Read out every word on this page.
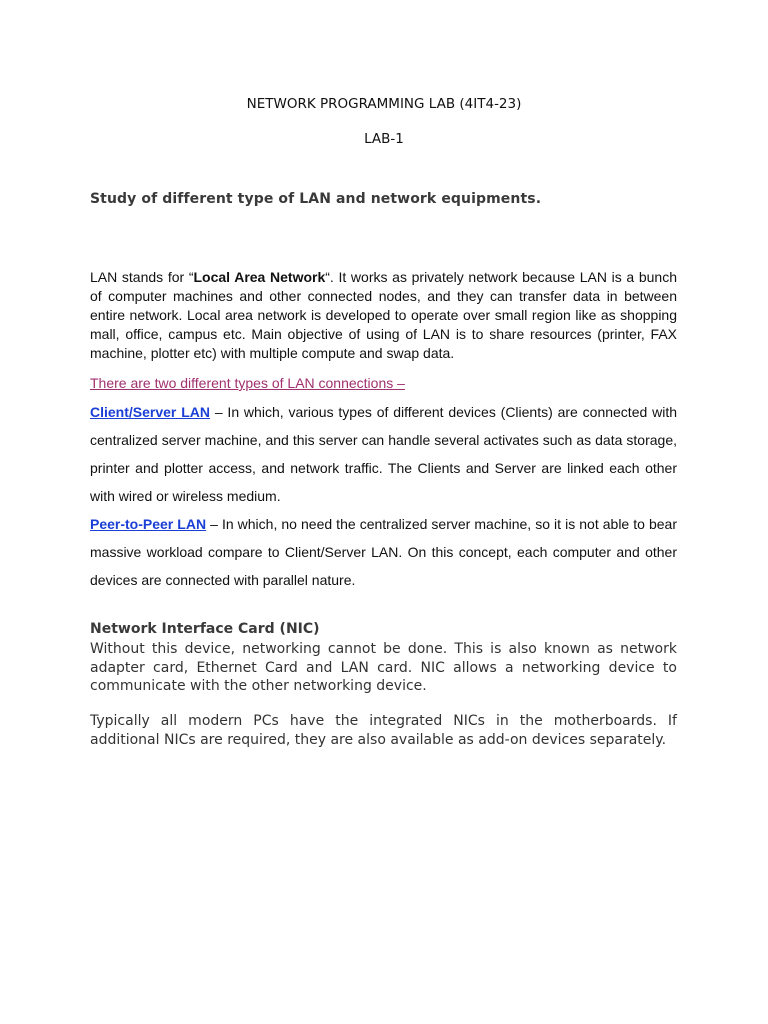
NETWORK PROGRAMMING LAB (4IT4-23)
LAB-1
Study of different type of LAN and network equipments.
LAN stands for “Local Area Network“. It works as privately network because LAN is a bunch of computer machines and other connected nodes, and they can transfer data in between entire network. Local area network is developed to operate over small region like as shopping mall, office, campus etc. Main objective of using of LAN is to share resources (printer, FAX machine, plotter etc) with multiple compute and swap data.
There are two different types of LAN connections –
Client/Server LAN – In which, various types of different devices (Clients) are connected with centralized server machine, and this server can handle several activates such as data storage, printer and plotter access, and network traffic. The Clients and Server are linked each other with wired or wireless medium.
Peer-to-Peer LAN – In which, no need the centralized server machine, so it is not able to bear massive workload compare to Client/Server LAN. On this concept, each computer and other devices are connected with parallel nature.
Network Interface Card (NIC)
Without this device, networking cannot be done. This is also known as network adapter card, Ethernet Card and LAN card. NIC allows a networking device to communicate with the other networking device.
Typically all modern PCs have the integrated NICs in the motherboards. If additional NICs are required, they are also available as add-on devices separately.
